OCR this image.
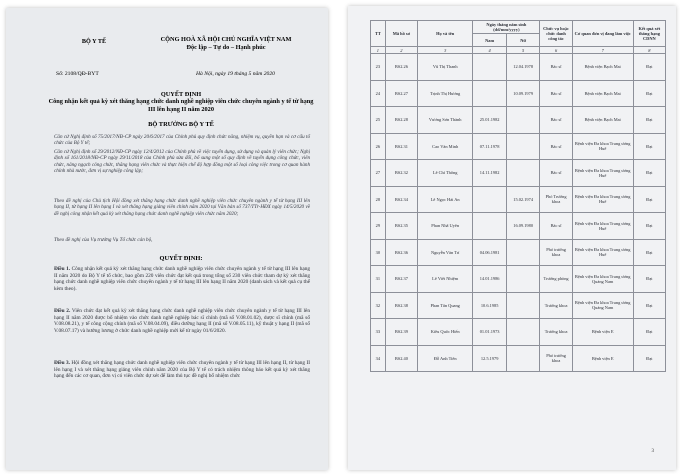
BỘ Y TẾ	CỘNG HOÀ XÃ HỘI CHỦ NGHĨA VIỆT NAM
Độc lập – Tự do – Hạnh phúc
Số: 2108/QĐ-BYT	Hà Nội, ngày 19 tháng 5 năm 2020
QUYẾT ĐỊNH
Công nhận kết quả kỳ xét thăng hạng chức danh nghề nghiệp viên chức chuyên ngành y tế từ hạng III lên hạng II năm 2020
BỘ TRƯỞNG BỘ Y TẾ
Căn cứ Nghị định số 75/2017/NĐ-CP ngày 20/6/2017 của Chính phủ quy định chức năng, nhiệm vụ, quyền hạn và cơ cấu tổ chức của Bộ Y tế;
Căn cứ Nghị định số 29/2012/NĐ-CP ngày 12/4/2012 của Chính phủ về việc tuyển dụng, sử dụng và quản lý viên chức; Nghị định số 161/2018/NĐ-CP ngày 29/11/2018 của Chính phủ sửa đổi, bổ sung một số quy định về tuyển dụng công chức, viên chức, nâng ngạch công chức, thăng hạng viên chức và thực hiện chế độ hợp đồng một số loại công việc trong cơ quan hành chính nhà nước, đơn vị sự nghiệp công lập;
Theo đề nghị của Chủ tịch Hội đồng xét thăng hạng chức danh nghề nghiệp viên chức chuyên ngành y tế từ hạng III lên hạng II, từ hạng II lên hạng I và xét thăng hạng giảng viên chính năm 2020 tại Văn bản số 737/TTr-HĐX ngày 14/5/2020 về đề nghị công nhận kết quả kỳ xét thăng hạng chức danh nghề nghiệp viên chức năm 2020;
Theo đề nghị của Vụ trưởng Vụ Tổ chức cán bộ,
QUYẾT ĐỊNH:
Điều 1. Công nhận kết quả kỳ xét thăng hạng chức danh nghề nghiệp viên chức chuyên ngành y tế từ hạng III lên hạng II năm 2020 do Bộ Y tế tổ chức, bao gồm 220 viên chức đạt kết quả trong tổng số 230 viên chức tham dự kỳ xét thăng hạng chức danh nghề nghiệp viên chức chuyên ngành y tế từ hạng III lên hạng II năm 2020 (danh sách và kết quả cụ thể kèm theo).
Điều 2. Viên chức đạt kết quả kỳ xét thăng hạng chức danh nghề nghiệp viên chức chuyên ngành y tế từ hạng III lên hạng II năm 2020 được bổ nhiệm vào chức danh nghề nghiệp bác sĩ chính (mã số V.08.01.02), dược sĩ chính (mã số V.08.08.21), y tế công cộng chính (mã số V.08.04.09), điều dưỡng hạng II (mã số V.08.05.11), kỹ thuật y hạng II (mã số V.08.07.17) và hưởng lương ở chức danh nghề nghiệp mới kể từ ngày 01/6/2020.
Điều 3. Hội đồng xét thăng hạng chức danh nghề nghiệp viên chức chuyên ngành y tế từ hạng III lên hạng II, từ hạng II lên hạng I và xét thăng hạng giảng viên chính năm 2020 của Bộ Y tế có trách nhiệm thông báo kết quả kỳ xét thăng hạng đến các cơ quan, đơn vị có viên chức dự xét để làm thủ tục đề nghị bổ nhiệm chức
TT	Mã hồ sơ	Họ và tên	Ngày tháng năm sinh (dd/mm/yyyy)		Chức vụ hoặc chức danh công tác	Cơ quan đơn vị đang làm việc	Kết quả xét thăng hạng CDNN
			Nam	Nữ			
1	2	3	4	5	6	7	8
23	BS2.26	Vũ Thị Thanh		12.04.1978	Bác sĩ	Bệnh viện Bạch Mai	Đạt
24	BS2.27	Trịnh Thị Hương		10.09.1979	Bác sĩ	Bệnh viện Bạch Mai	Đạt
25	BS2.28	Vương Sơn Thành	25.01.1982		Bác sĩ	Bệnh viện Bạch Mai	Đạt
26	BS2.31	Cao Văn Minh	07.11.1978		Bác sĩ	Bệnh viện Đa khoa Trung ương Huế	Đạt
27	BS2.32	Lê Chí Thông	14.11.1982		Bác sĩ	Bệnh viện Đa khoa Trung ương Huế	Đạt
28	BS2.34	Lê Ngọc Hải An		15.02.1974	Phó Trưởng khoa	Bệnh viện Đa khoa Trung ương Huế	Đạt
29	BS2.35	Phan Nhã Uyên		16.09.1980	Bác sĩ	Bệnh viện Đa khoa Trung ương Huế	Đạt
30	BS2.36	Nguyễn Văn Trí	04.06.1981		Phó trưởng khoa	Bệnh viện Đa khoa Trung ương Huế	Đạt
31	BS2.37	Lê Viết Nhiệm	14.01.1986		Trưởng phòng	Bệnh viện Đa khoa Trung ương Quảng Nam	Đạt
32	BS2.38	Phan Tấn Quang	10.6.1985		Trưởng khoa	Bệnh viện Đa khoa Trung ương Quảng Nam	Đạt
33	BS2.39	Kiều Quốc Hiển	01.01.1973		Trưởng khoa	Bệnh viện E	Đạt
34	BS2.40	Đỗ Anh Tiến	12.5.1979		Phó trưởng khoa	Bệnh viện E	Đạt
3
